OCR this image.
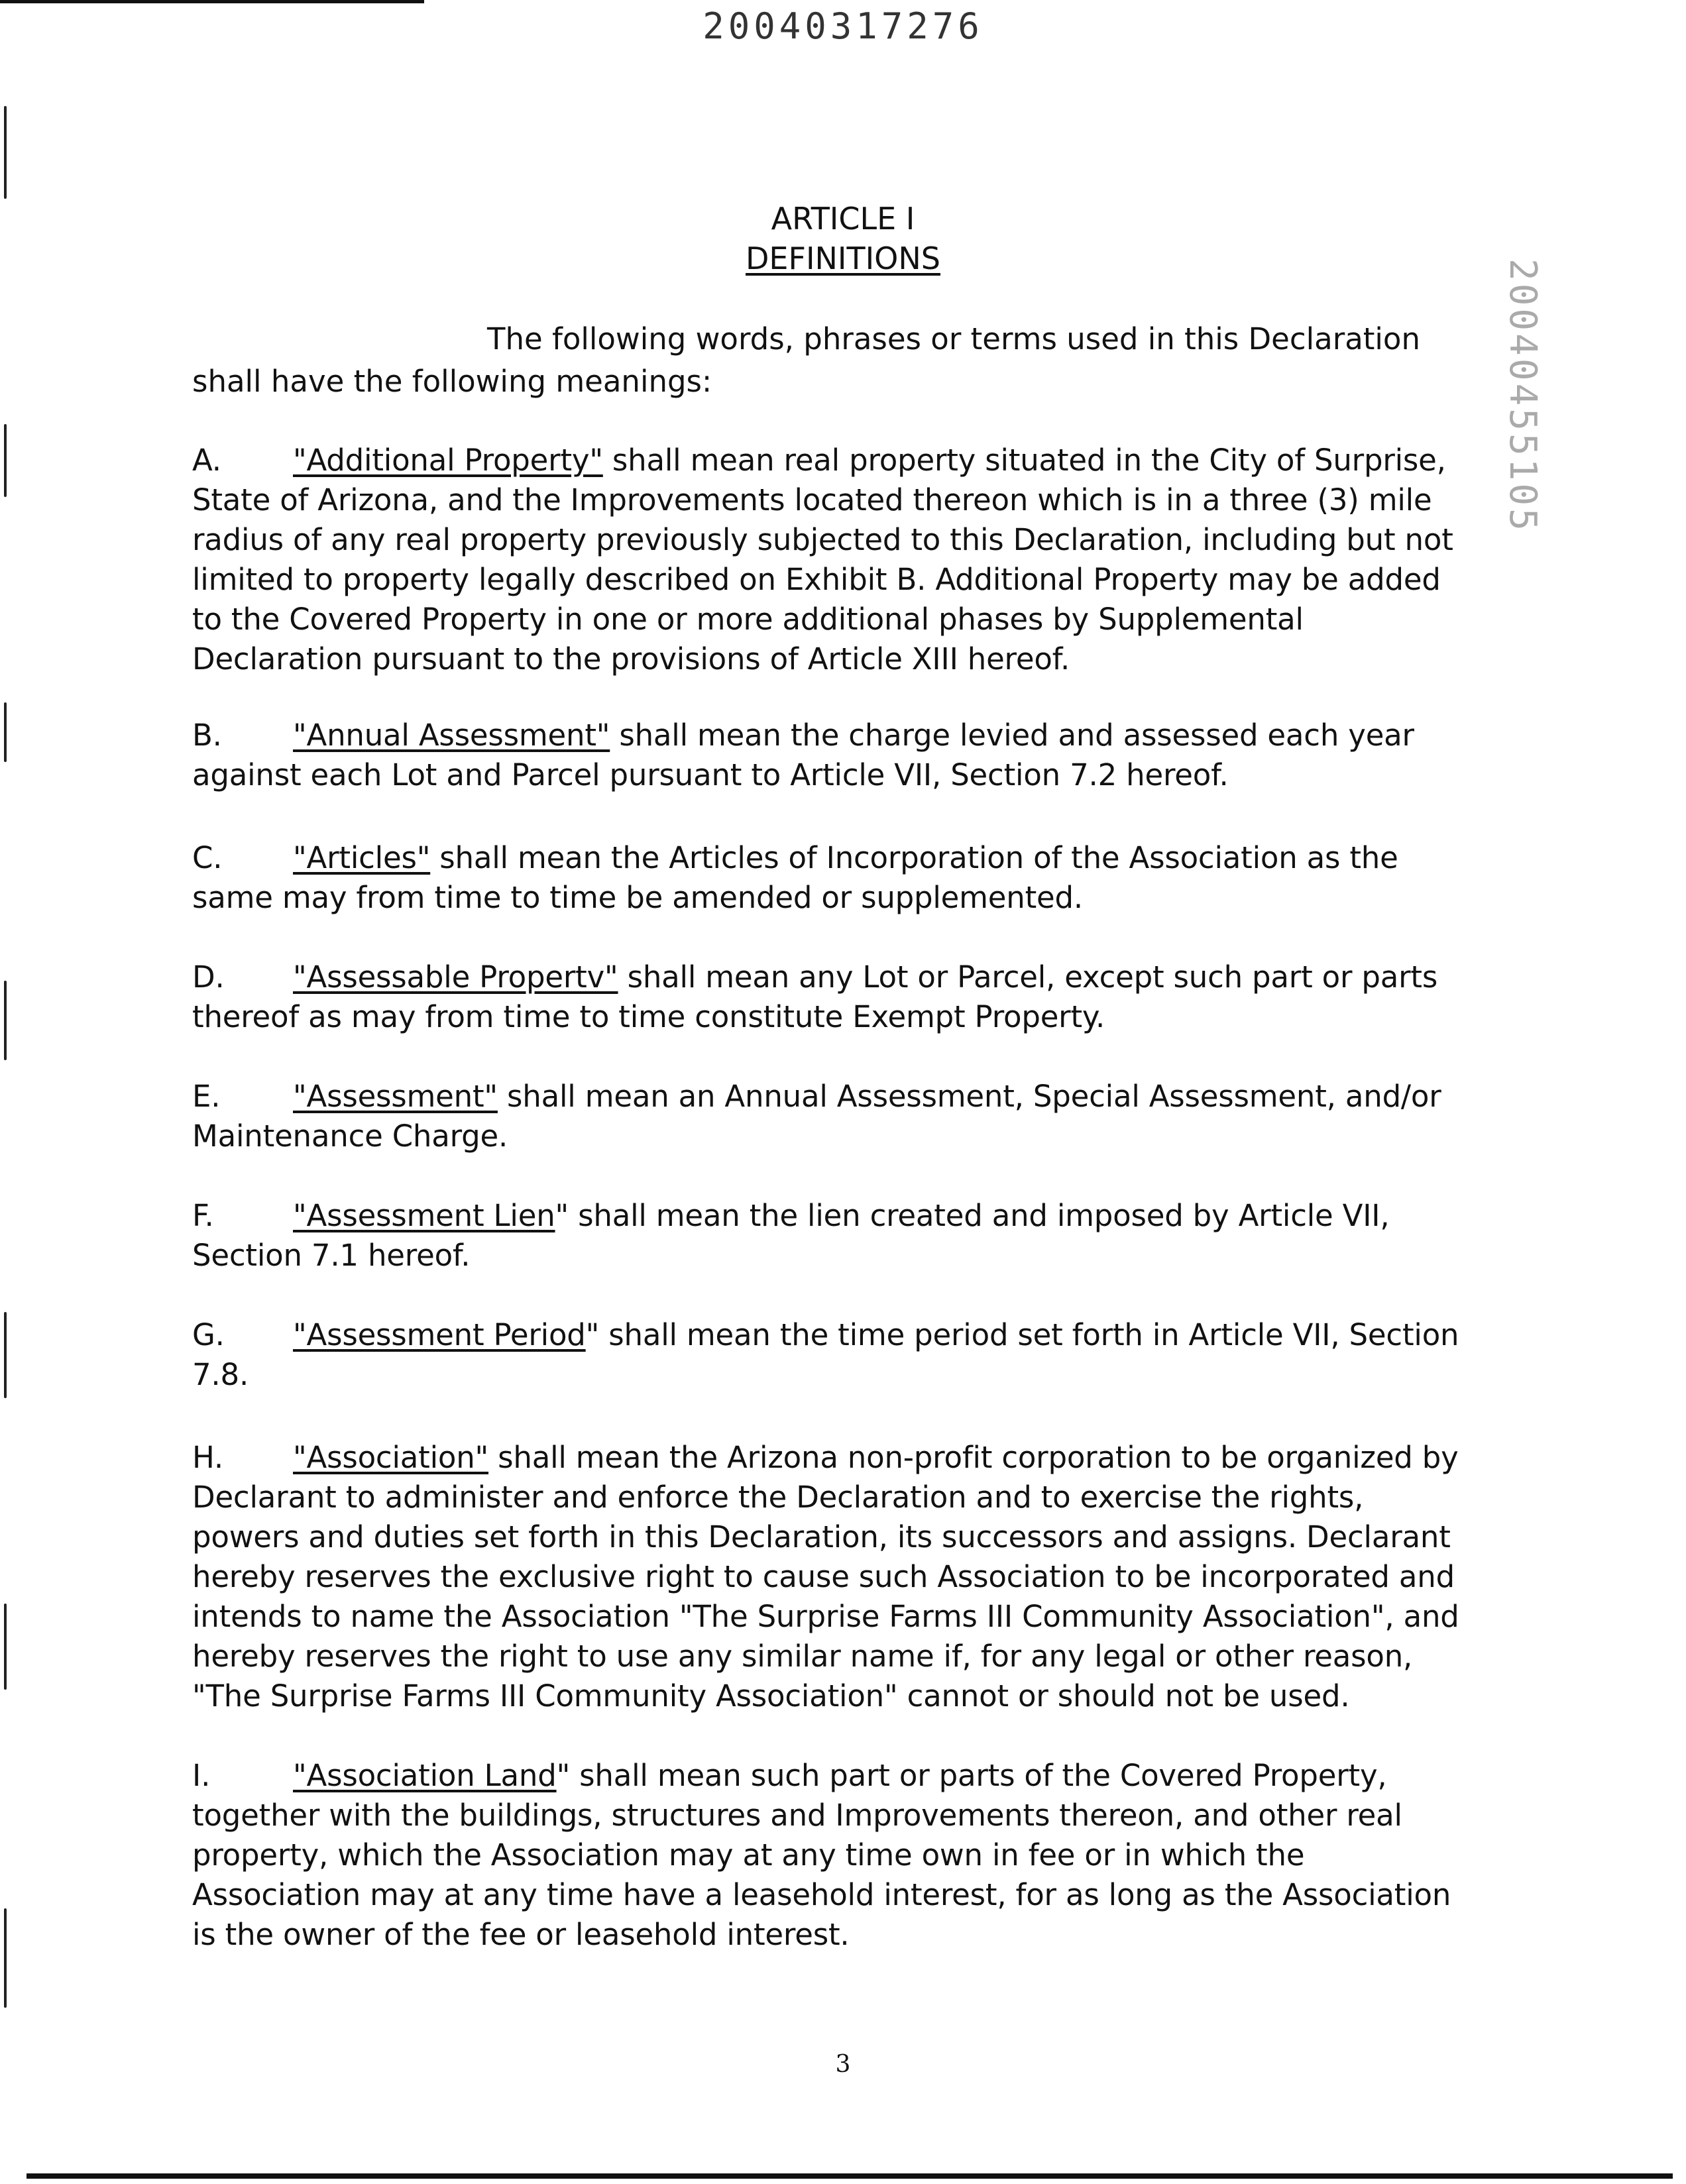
20040317276
20040455105
ARTICLE I
DEFINITIONS
The following words, phrases or terms used in this Declaration shall have the following meanings:
A. "Additional Property" shall mean real property situated in the City of Surprise, State of Arizona, and the Improvements located thereon which is in a three (3) mile radius of any real property previously subjected to this Declaration, including but not limited to property legally described on Exhibit B. Additional Property may be added to the Covered Property in one or more additional phases by Supplemental Declaration pursuant to the provisions of Article XIII hereof.
B. "Annual Assessment" shall mean the charge levied and assessed each year against each Lot and Parcel pursuant to Article VII, Section 7.2 hereof.
C. "Articles" shall mean the Articles of Incorporation of the Association as the same may from time to time be amended or supplemented.
D. "Assessable Propertv" shall mean any Lot or Parcel, except such part or parts thereof as may from time to time constitute Exempt Property.
E. "Assessment" shall mean an Annual Assessment, Special Assessment, and/or Maintenance Charge.
F.	"Assessment Lien" shall mean the lien created and imposed by Article VII, Section 7.1 hereof.
G. "Assessment Period" shall mean the time period set forth in Article VII, Section 7.8.
H. "Association" shall mean the Arizona non-profit corporation to be organized by Declarant to administer and enforce the Declaration and to exercise the rights, powers and duties set forth in this Declaration, its successors and assigns. Declarant hereby reserves the exclusive right to cause such Association to be incorporated and intends to name the Association "The Surprise Farms III Community Association", and hereby reserves the right to use any similar name if, for any legal or other reason, "The Surprise Farms III Community Association" cannot or should not be used.
I.	"Association Land" shall mean such part or parts of the Covered Property, together with the buildings, structures and Improvements thereon, and other real property, which the Association may at any time own in fee or in which the Association may at any time have a leasehold interest, for as long as the Association is the owner of the fee or leasehold interest.
3
